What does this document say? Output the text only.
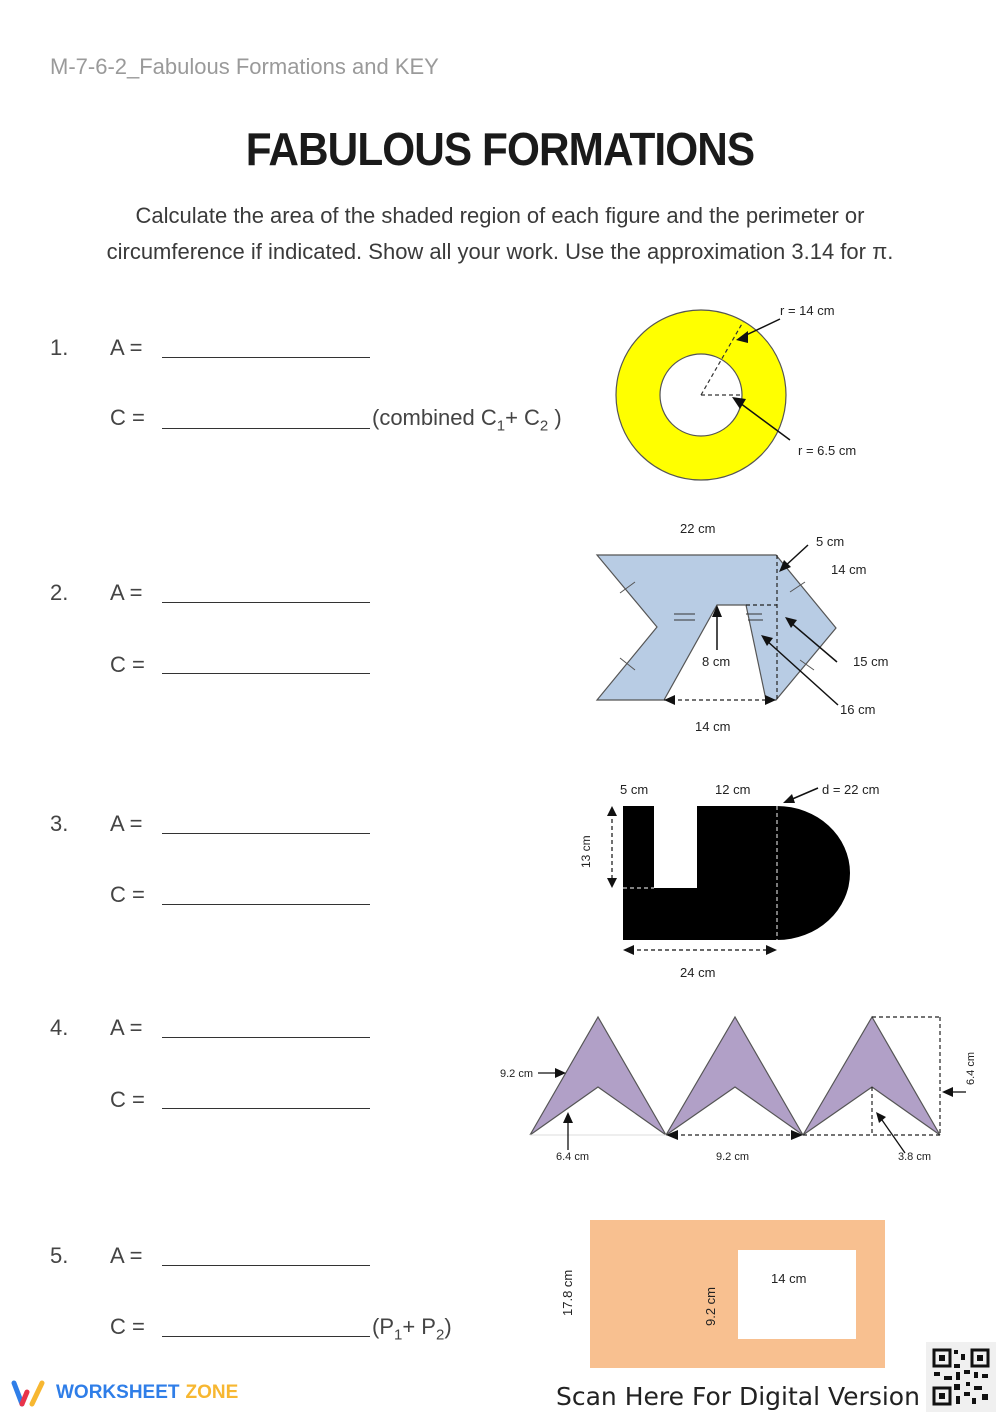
M-7-6-2_Fabulous Formations and KEY
FABULOUS FORMATIONS
Calculate the area of the shaded region of each figure and the perimeter or
circumference if indicated. Show all your work. Use the approximation 3.14 for π.
1. A =
C =	(combined $C_1+ C_2$ )
r = 14 cm
r = 6.5 cm
2. A =
C =
22 cm
5 cm
14 cm
8 cm	15 cm
16 cm
14 cm
3. A =
C =
5 cm	12 cm	d = 22 cm
13 cm
24 cm
4. A =
C =
9.2 cm
6.4 cm	9.2 cm	3.8 cm
6.4 cm
5. A =
C =	$(P_1+ P_2)$
14 cm
17.8 cm	9.2 cm
WORKSHEET ZONE	Scan Here For Digital Version
